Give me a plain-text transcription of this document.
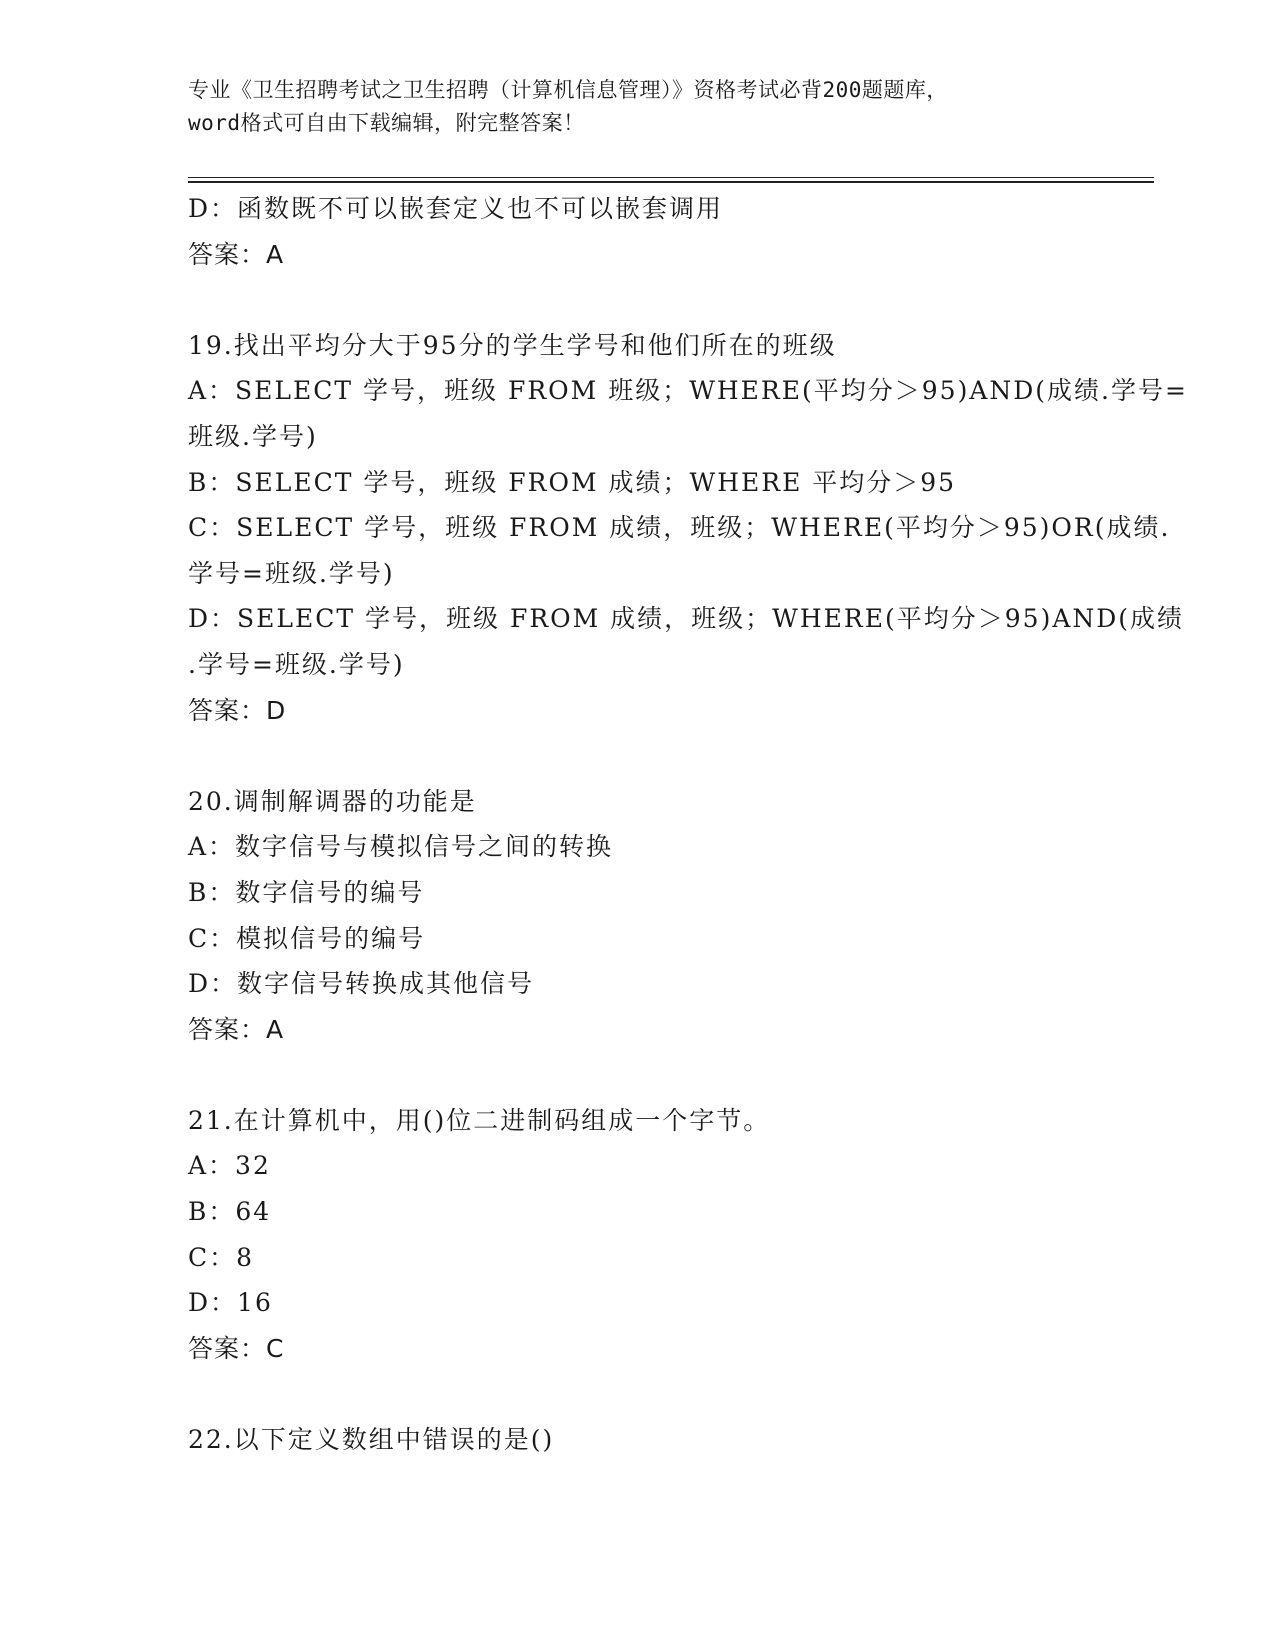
专业《卫生招聘考试之卫生招聘（计算机信息管理）》资格考试必背200题题库，
word格式可自由下载编辑，附完整答案！
D：函数既不可以嵌套定义也不可以嵌套调用
答案：A
19.找出平均分大于95分的学生学号和他们所在的班级
A：SELECT 学号，班级 FROM 班级；WHERE(平均分＞95)AND(成绩.学号=
班级.学号)
B：SELECT 学号，班级 FROM 成绩；WHERE 平均分＞95
C：SELECT 学号，班级 FROM 成绩，班级；WHERE(平均分＞95)OR(成绩.
学号=班级.学号)
D：SELECT 学号，班级 FROM 成绩，班级；WHERE(平均分＞95)AND(成绩
.学号=班级.学号)
答案：D
20.调制解调器的功能是
A：数字信号与模拟信号之间的转换
B：数字信号的编号
C：模拟信号的编号
D：数字信号转换成其他信号
答案：A
21.在计算机中，用()位二进制码组成一个字节。
A：32
B：64
C：8
D：16
答案：C
22.以下定义数组中错误的是()
